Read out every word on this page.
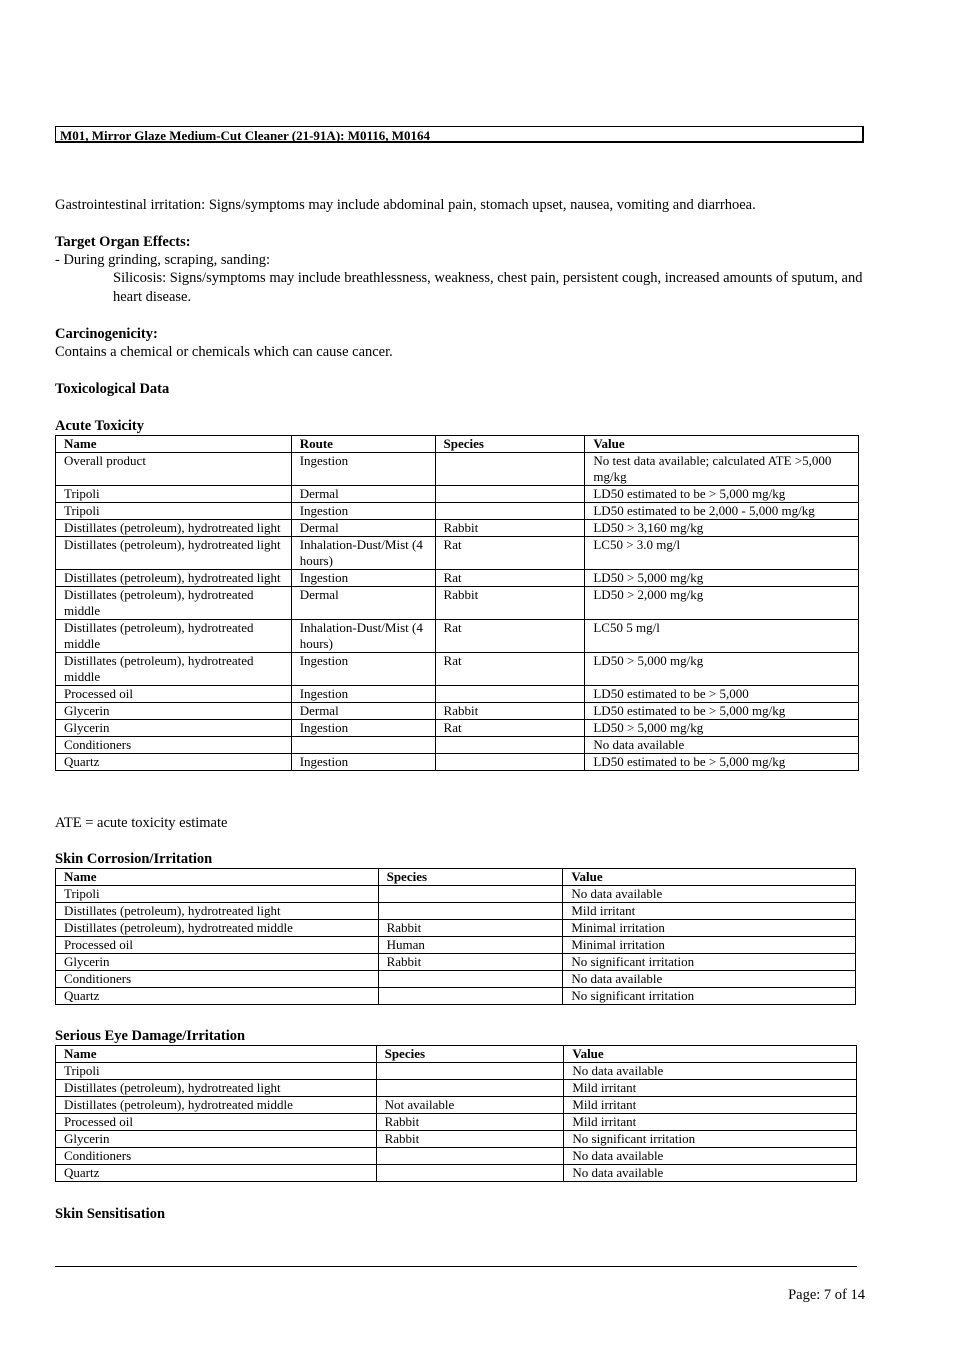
M01, Mirror Glaze Medium-Cut Cleaner (21-91A): M0116, M0164
Gastrointestinal irritation: Signs/symptoms may include abdominal pain, stomach upset, nausea, vomiting and diarrhoea.
Target Organ Effects:
- During grinding, scraping, sanding:
Silicosis: Signs/symptoms may include breathlessness, weakness, chest pain, persistent cough, increased amounts of sputum, and heart disease.
Carcinogenicity:
Contains a chemical or chemicals which can cause cancer.
Toxicological Data
Acute Toxicity
Name	Route	Species	Value
Overall product	Ingestion		No test data available; calculated ATE >5,000 mg/kg
Tripoli	Dermal		LD50 estimated to be > 5,000 mg/kg
Tripoli	Ingestion		LD50 estimated to be 2,000 - 5,000 mg/kg
Distillates (petroleum), hydrotreated light	Dermal	Rabbit	LD50 > 3,160 mg/kg
Distillates (petroleum), hydrotreated light	Inhalation-Dust/Mist (4 hours)	Rat	LC50 > 3.0 mg/l
Distillates (petroleum), hydrotreated light	Ingestion	Rat	LD50 > 5,000 mg/kg
Distillates (petroleum), hydrotreated middle	Dermal	Rabbit	LD50 > 2,000 mg/kg
Distillates (petroleum), hydrotreated middle	Inhalation-Dust/Mist (4 hours)	Rat	LC50 5 mg/l
Distillates (petroleum), hydrotreated middle	Ingestion	Rat	LD50 > 5,000 mg/kg
Processed oil	Ingestion		LD50 estimated to be > 5,000
Glycerin	Dermal	Rabbit	LD50 estimated to be > 5,000 mg/kg
Glycerin	Ingestion	Rat	LD50 > 5,000 mg/kg
Conditioners			No data available
Quartz	Ingestion		LD50 estimated to be > 5,000 mg/kg
ATE = acute toxicity estimate
Skin Corrosion/Irritation
Name	Species	Value
Tripoli		No data available
Distillates (petroleum), hydrotreated light		Mild irritant
Distillates (petroleum), hydrotreated middle	Rabbit	Minimal irritation
Processed oil	Human	Minimal irritation
Glycerin	Rabbit	No significant irritation
Conditioners		No data available
Quartz		No significant irritation
Serious Eye Damage/Irritation
Name	Species	Value
Tripoli		No data available
Distillates (petroleum), hydrotreated light		Mild irritant
Distillates (petroleum), hydrotreated middle	Not available	Mild irritant
Processed oil	Rabbit	Mild irritant
Glycerin	Rabbit	No significant irritation
Conditioners		No data available
Quartz		No data available
Skin Sensitisation
Page: 7 of 14
